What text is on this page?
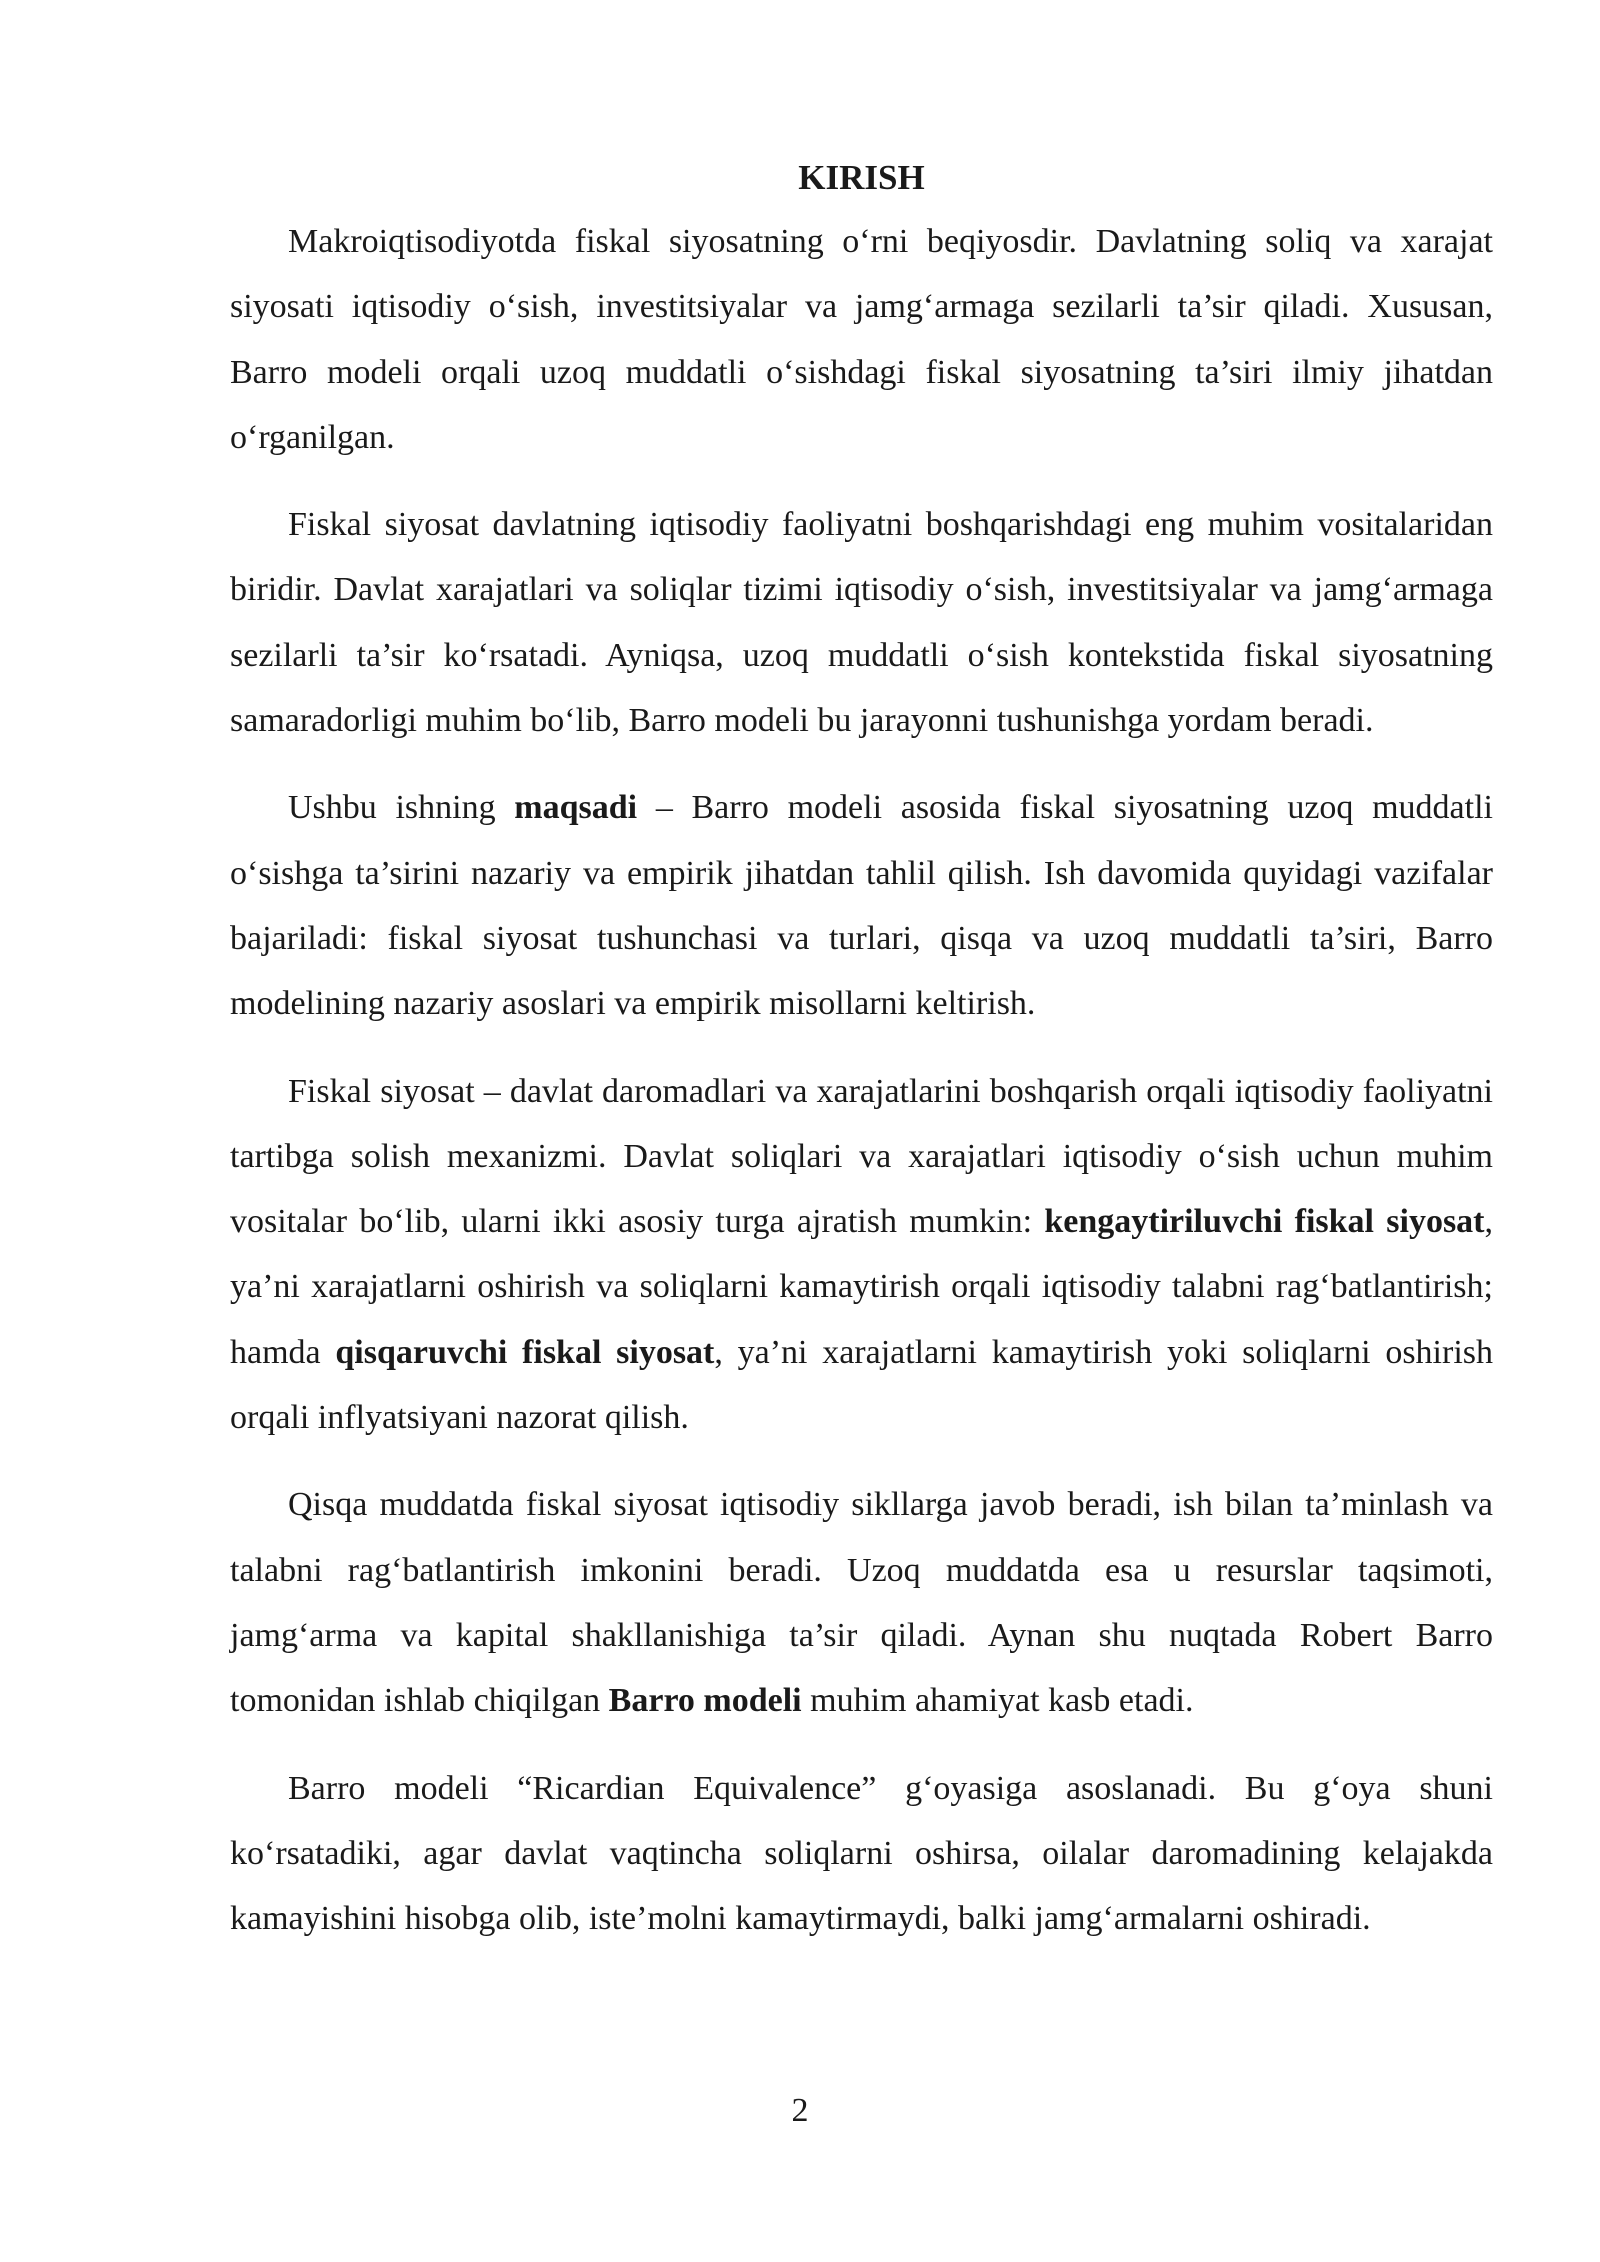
KIRISH

Makroiqtisodiyotda fiskal siyosatning o‘rni beqiyosdir. Davlatning soliq va xarajat siyosati iqtisodiy o‘sish, investitsiyalar va jamg‘armaga sezilarli ta’sir qiladi. Xususan, Barro modeli orqali uzoq muddatli o‘sishdagi fiskal siyosatning ta’siri ilmiy jihatdan o‘rganilgan.

Fiskal siyosat davlatning iqtisodiy faoliyatni boshqarishdagi eng muhim vositalaridan biridir. Davlat xarajatlari va soliqlar tizimi iqtisodiy o‘sish, investitsiyalar va jamg‘armaga sezilarli ta’sir ko‘rsatadi. Ayniqsa, uzoq muddatli o‘sish kontekstida fiskal siyosatning samaradorligi muhim bo‘lib, Barro modeli bu jarayonni tushunishga yordam beradi.

Ushbu ishning maqsadi – Barro modeli asosida fiskal siyosatning uzoq muddatli o‘sishga ta’sirini nazariy va empirik jihatdan tahlil qilish. Ish davomida quyidagi vazifalar bajariladi: fiskal siyosat tushunchasi va turlari, qisqa va uzoq muddatli ta’siri, Barro modelining nazariy asoslari va empirik misollarni keltirish.

Fiskal siyosat – davlat daromadlari va xarajatlarini boshqarish orqali iqtisodiy faoliyatni tartibga solish mexanizmi. Davlat soliqlari va xarajatlari iqtisodiy o‘sish uchun muhim vositalar bo‘lib, ularni ikki asosiy turga ajratish mumkin: kengaytiriluvchi fiskal siyosat, ya’ni xarajatlarni oshirish va soliqlarni kamaytirish orqali iqtisodiy talabni rag‘batlantirish; hamda qisqaruvchi fiskal siyosat, ya’ni xarajatlarni kamaytirish yoki soliqlarni oshirish orqali inflyatsiyani nazorat qilish.

Qisqa muddatda fiskal siyosat iqtisodiy sikllarga javob beradi, ish bilan ta’minlash va talabni rag‘batlantirish imkonini beradi. Uzoq muddatda esa u resurslar taqsimoti, jamg‘arma va kapital shakllanishiga ta’sir qiladi. Aynan shu nuqtada Robert Barro tomonidan ishlab chiqilgan Barro modeli muhim ahamiyat kasb etadi.

Barro modeli “Ricardian Equivalence” g‘oyasiga asoslanadi. Bu g‘oya shuni ko‘rsatadiki, agar davlat vaqtincha soliqlarni oshirsa, oilalar daromadining kelajakda kamayishini hisobga olib, iste’molni kamaytirmaydi, balki jamg‘armalarni oshiradi.

2
